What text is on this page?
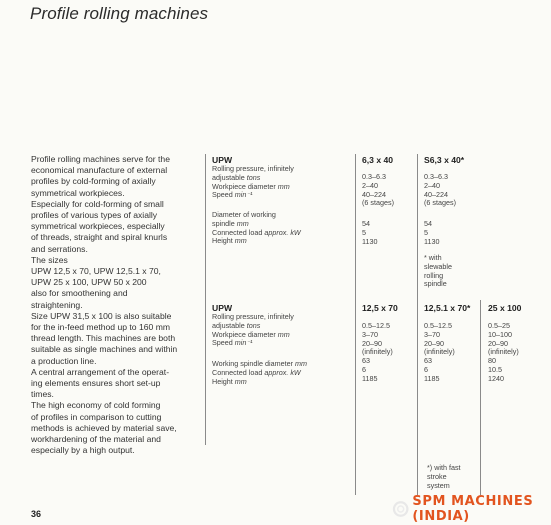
Profile rolling machines
Profile rolling machines serve for the
economical manufacture of external
profiles by cold-forming of axially
symmetrical workpieces.
Especially for cold-forming of small
profiles of various types of axially
symmetrical workpieces, especially
of threads, straight and spiral knurls
and serrations.
The sizes
UPW 12,5 x 70, UPW 12,5.1 x 70,
UPW 25 x 100, UPW 50 x 200
also for smoothening and
straightening.
Size UPW 31,5 x 100 is also suitable
for the in-feed method up to 160 mm
thread length. This machines are both
suitable as single machines and within
a production line.
A central arrangement of the operat-
ing elements ensures short set-up
times.
The high economy of cold forming
of profiles in comparison to cutting
methods is achieved by material save,
workhardening of the material and
especially by a high output.
UPW
Rolling pressure, infinitely
adjustable tons
Workpiece diameter mm
Speed min⁻¹
Diameter of working
spindle mm
Connected load approx. kW
Height mm
6,3 x 40
0.3–6.3
2–40
40–224
(6 stages)
54
5
1130
S6,3 x 40*
0.3–6.3
2–40
40–224
(6 stages)
54
5
1130
* with
slewable
rolling
spindle
UPW
Rolling pressure, infinitely
adjustable tons
Workpiece diameter mm
Speed min⁻¹
Working spindle diameter mm
Connected load approx. kW
Height mm
12,5 x 70
0.5–12.5
3–70
20–90
(infinitely)
63
6
1185
12,5.1 x 70*
0.5–12.5
3–70
20–90
(infinitely)
63
6
1185
*) with fast
stroke
system
25 x 100
0.5–25
10–100
20–90
(infinitely)
80
10.5
1240
36
SPM MACHINES (INDIA)
